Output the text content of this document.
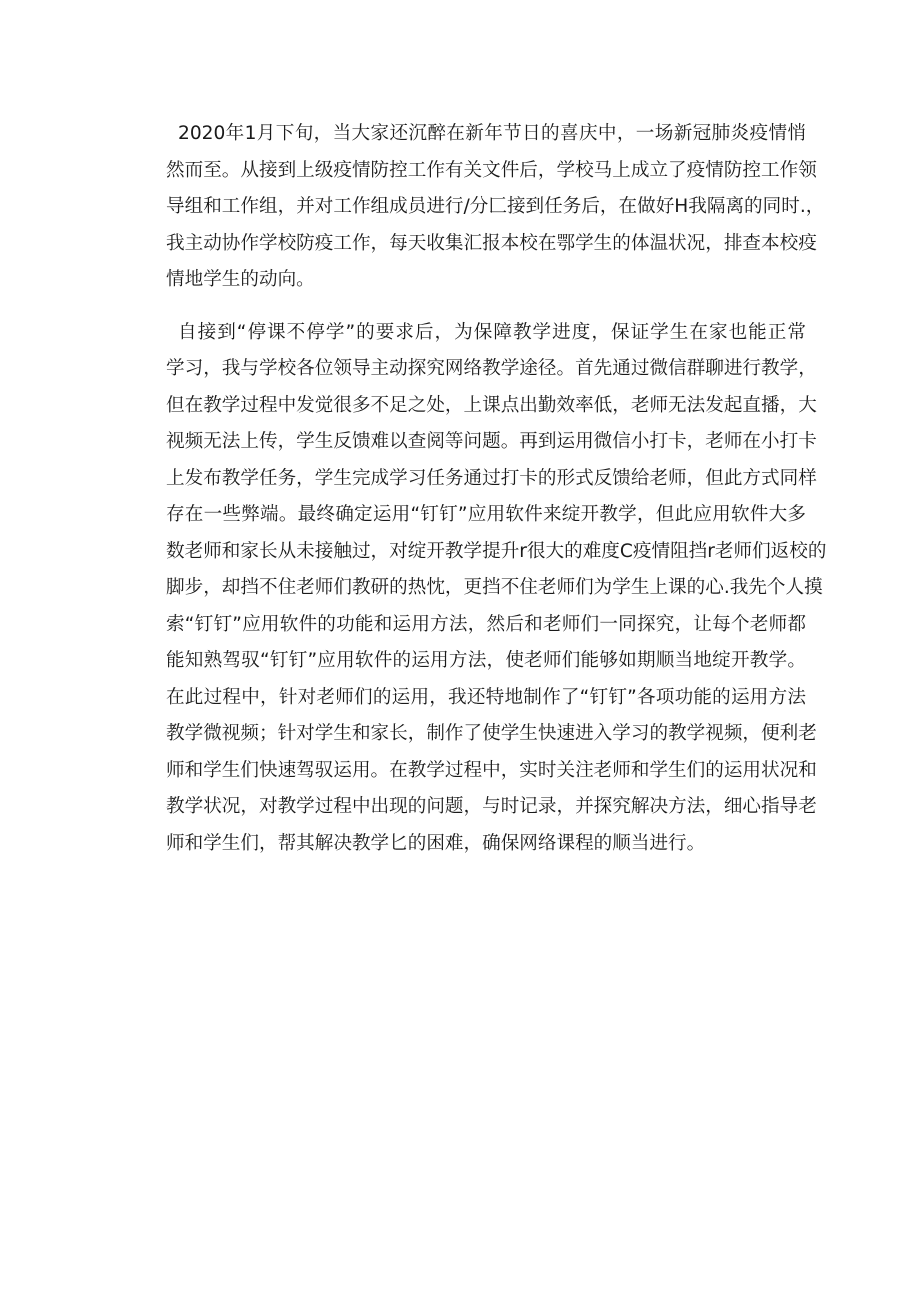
2020年1月下旬，当大家还沉醉在新年节日的喜庆中，一场新冠肺炎疫情悄
然而至。从接到上级疫情防控工作有关文件后，学校马上成立了疫情防控工作领
导组和工作组，并对工作组成员进行/分匚接到任务后，在做好H我隔离的同时.，
我主动协作学校防疫工作，每天收集汇报本校在鄂学生的体温状况，排查本校疫
情地学生的动向。
自接到“停课不停学”的要求后，为保障教学进度，保证学生在家也能正常
学习，我与学校各位领导主动探究网络教学途径。首先通过微信群聊进行教学，
但在教学过程中发觉很多不足之处，上课点出勤效率低，老师无法发起直播，大
视频无法上传，学生反馈难以查阅等问题。再到运用微信小打卡，老师在小打卡
上发布教学任务，学生完成学习任务通过打卡的形式反馈给老师，但此方式同样
存在一些弊端。最终确定运用“钉钉”应用软件来绽开教学，但此应用软件大多
数老师和家长从未接触过，对绽开教学提升r很大的难度C疫情阻挡r老师们返校的
脚步，却挡不住老师们教研的热忱，更挡不住老师们为学生上课的心.我先个人摸
索“钉钉”应用软件的功能和运用方法，然后和老师们一同探究，让每个老师都
能知熟驾驭“钉钉”应用软件的运用方法，使老师们能够如期顺当地绽开教学。
在此过程中，针对老师们的运用，我还特地制作了“钉钉”各项功能的运用方法
教学微视频；针对学生和家长，制作了使学生快速进入学习的教学视频，便利老
师和学生们快速驾驭运用。在教学过程中，实时关注老师和学生们的运用状况和
教学状况，对教学过程中出现的问题，与时记录，并探究解决方法，细心指导老
师和学生们，帮其解决教学匕的困难，确保网络课程的顺当进行。
